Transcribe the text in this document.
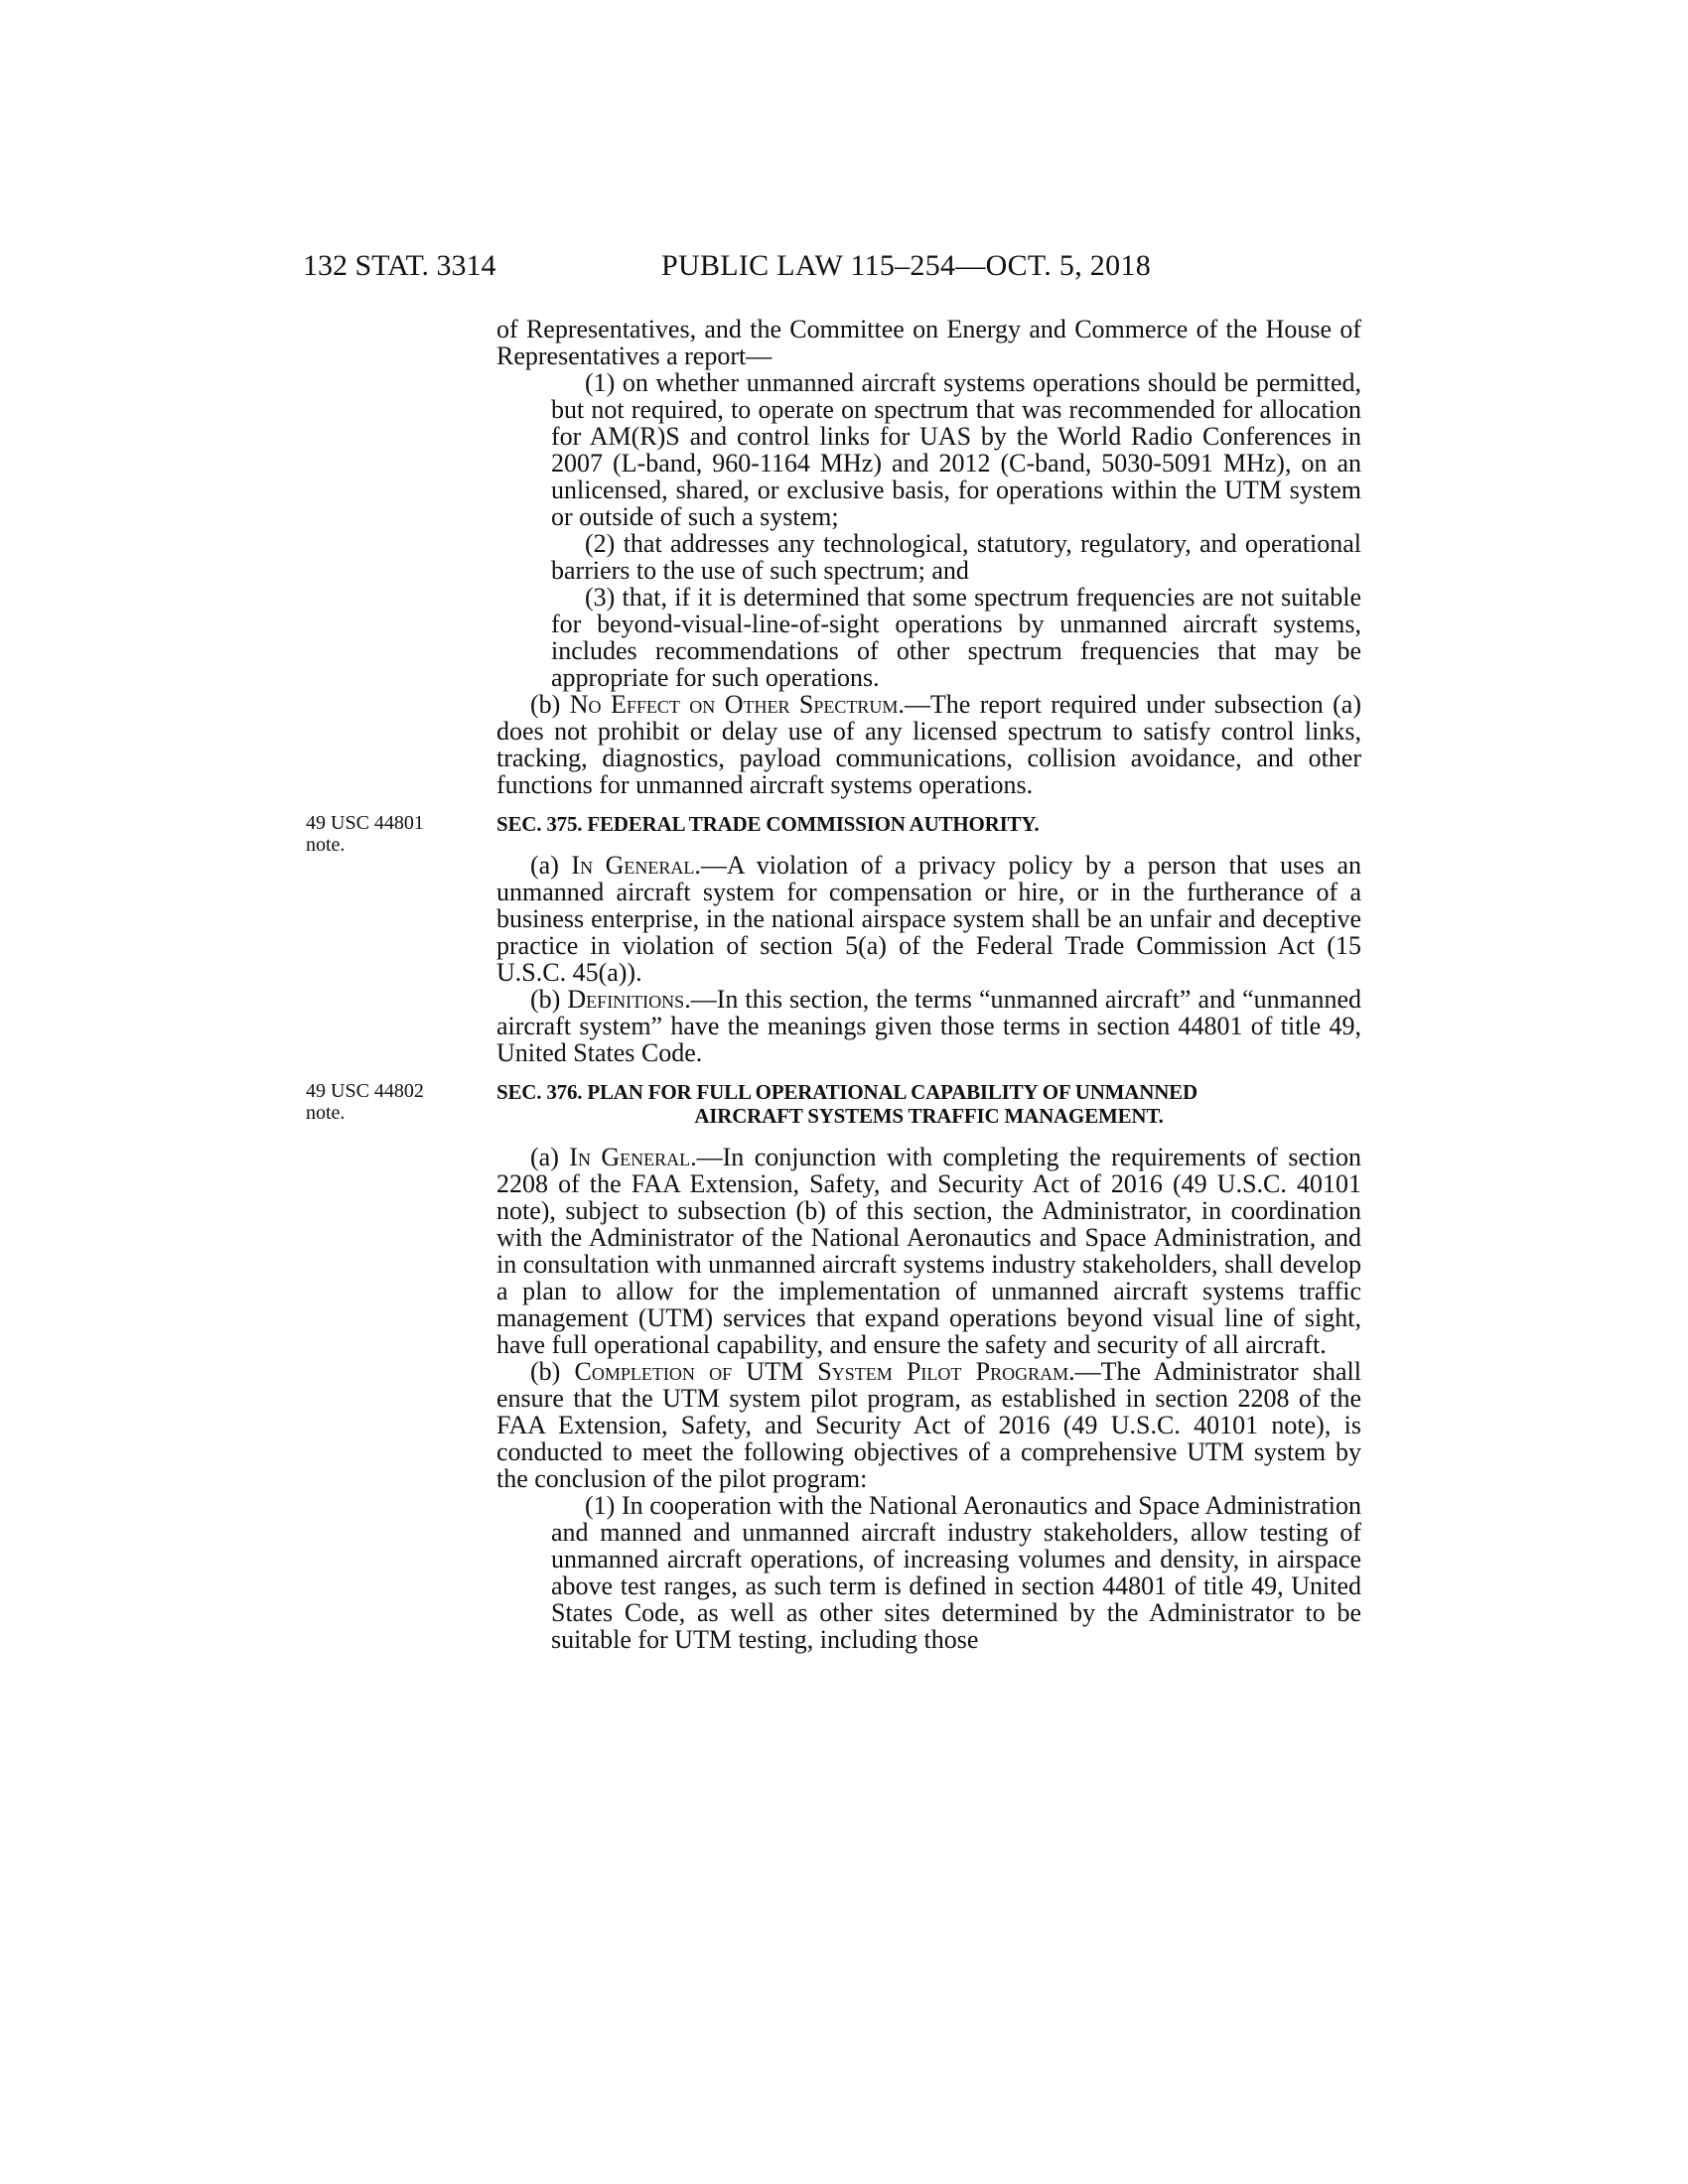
132 STAT. 3314	PUBLIC LAW 115–254—OCT. 5, 2018

of Representatives, and the Committee on Energy and Commerce of the House of Representatives a report—

(1) on whether unmanned aircraft systems operations should be permitted, but not required, to operate on spectrum that was recommended for allocation for AM(R)S and control links for UAS by the World Radio Conferences in 2007 (L-band, 960-1164 MHz) and 2012 (C-band, 5030-5091 MHz), on an unlicensed, shared, or exclusive basis, for operations within the UTM system or outside of such a system;

(2) that addresses any technological, statutory, regulatory, and operational barriers to the use of such spectrum; and

(3) that, if it is determined that some spectrum frequencies are not suitable for beyond-visual-line-of-sight operations by unmanned aircraft systems, includes recommendations of other spectrum frequencies that may be appropriate for such operations.

(b) No Effect on Other Spectrum.—The report required under subsection (a) does not prohibit or delay use of any licensed spectrum to satisfy control links, tracking, diagnostics, payload communications, collision avoidance, and other functions for unmanned aircraft systems operations.

49 USC 44801 note.
SEC. 375. FEDERAL TRADE COMMISSION AUTHORITY.

(a) In General.—A violation of a privacy policy by a person that uses an unmanned aircraft system for compensation or hire, or in the furtherance of a business enterprise, in the national airspace system shall be an unfair and deceptive practice in violation of section 5(a) of the Federal Trade Commission Act (15 U.S.C. 45(a)).

(b) Definitions.—In this section, the terms “unmanned aircraft” and “unmanned aircraft system” have the meanings given those terms in section 44801 of title 49, United States Code.

49 USC 44802 note.
SEC. 376. PLAN FOR FULL OPERATIONAL CAPABILITY OF UNMANNED
AIRCRAFT SYSTEMS TRAFFIC MANAGEMENT.

(a) In General.—In conjunction with completing the requirements of section 2208 of the FAA Extension, Safety, and Security Act of 2016 (49 U.S.C. 40101 note), subject to subsection (b) of this section, the Administrator, in coordination with the Administrator of the National Aeronautics and Space Administration, and in consultation with unmanned aircraft systems industry stakeholders, shall develop a plan to allow for the implementation of unmanned aircraft systems traffic management (UTM) services that expand operations beyond visual line of sight, have full operational capability, and ensure the safety and security of all aircraft.

(b) Completion of UTM System Pilot Program.—The Administrator shall ensure that the UTM system pilot program, as established in section 2208 of the FAA Extension, Safety, and Security Act of 2016 (49 U.S.C. 40101 note), is conducted to meet the following objectives of a comprehensive UTM system by the conclusion of the pilot program:

(1) In cooperation with the National Aeronautics and Space Administration and manned and unmanned aircraft industry stakeholders, allow testing of unmanned aircraft operations, of increasing volumes and density, in airspace above test ranges, as such term is defined in section 44801 of title 49, United States Code, as well as other sites determined by the Administrator to be suitable for UTM testing, including those
